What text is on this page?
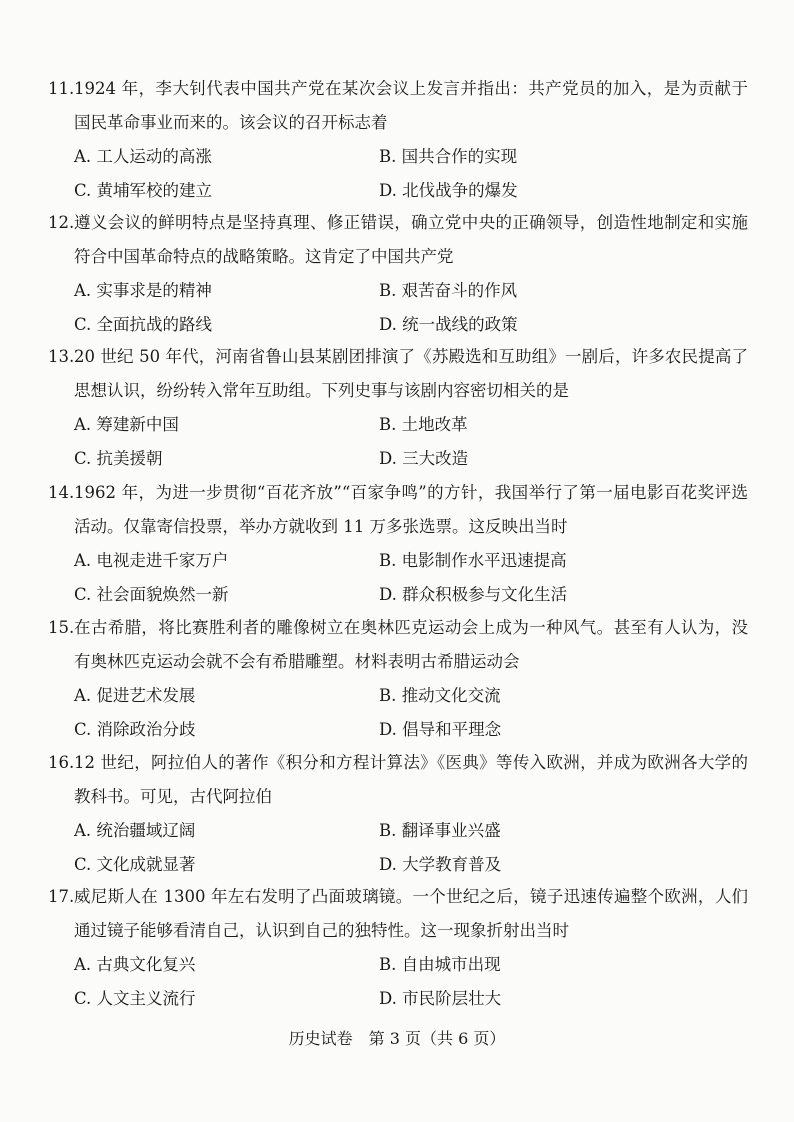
11. 1924 年，李大钊代表中国共产党在某次会议上发言并指出：共产党员的加入，是为贡献于国民革命事业而来的。该会议的召开标志着
A. 工人运动的高涨	B. 国共合作的实现
C. 黄埔军校的建立	D. 北伐战争的爆发
12. 遵义会议的鲜明特点是坚持真理、修正错误，确立党中央的正确领导，创造性地制定和实施符合中国革命特点的战略策略。这肯定了中国共产党
A. 实事求是的精神	B. 艰苦奋斗的作风
C. 全面抗战的路线	D. 统一战线的政策
13. 20 世纪 50 年代，河南省鲁山县某剧团排演了《苏殿选和互助组》一剧后，许多农民提高了思想认识，纷纷转入常年互助组。下列史事与该剧内容密切相关的是
A. 筹建新中国	B. 土地改革
C. 抗美援朝	D. 三大改造
14. 1962 年，为进一步贯彻“百花齐放”“百家争鸣”的方针，我国举行了第一届电影百花奖评选活动。仅靠寄信投票，举办方就收到 11 万多张选票。这反映出当时
A. 电视走进千家万户	B. 电影制作水平迅速提高
C. 社会面貌焕然一新	D. 群众积极参与文化生活
15. 在古希腊，将比赛胜利者的雕像树立在奥林匹克运动会上成为一种风气。甚至有人认为，没有奥林匹克运动会就不会有希腊雕塑。材料表明古希腊运动会
A. 促进艺术发展	B. 推动文化交流
C. 消除政治分歧	D. 倡导和平理念
16. 12 世纪，阿拉伯人的著作《积分和方程计算法》《医典》等传入欧洲，并成为欧洲各大学的教科书。可见，古代阿拉伯
A. 统治疆域辽阔	B. 翻译事业兴盛
C. 文化成就显著	D. 大学教育普及
17. 威尼斯人在 1300 年左右发明了凸面玻璃镜。一个世纪之后，镜子迅速传遍整个欧洲，人们通过镜子能够看清自己，认识到自己的独特性。这一现象折射出当时
A. 古典文化复兴	B. 自由城市出现
C. 人文主义流行	D. 市民阶层壮大
历史试卷　第 3 页（共 6 页）
